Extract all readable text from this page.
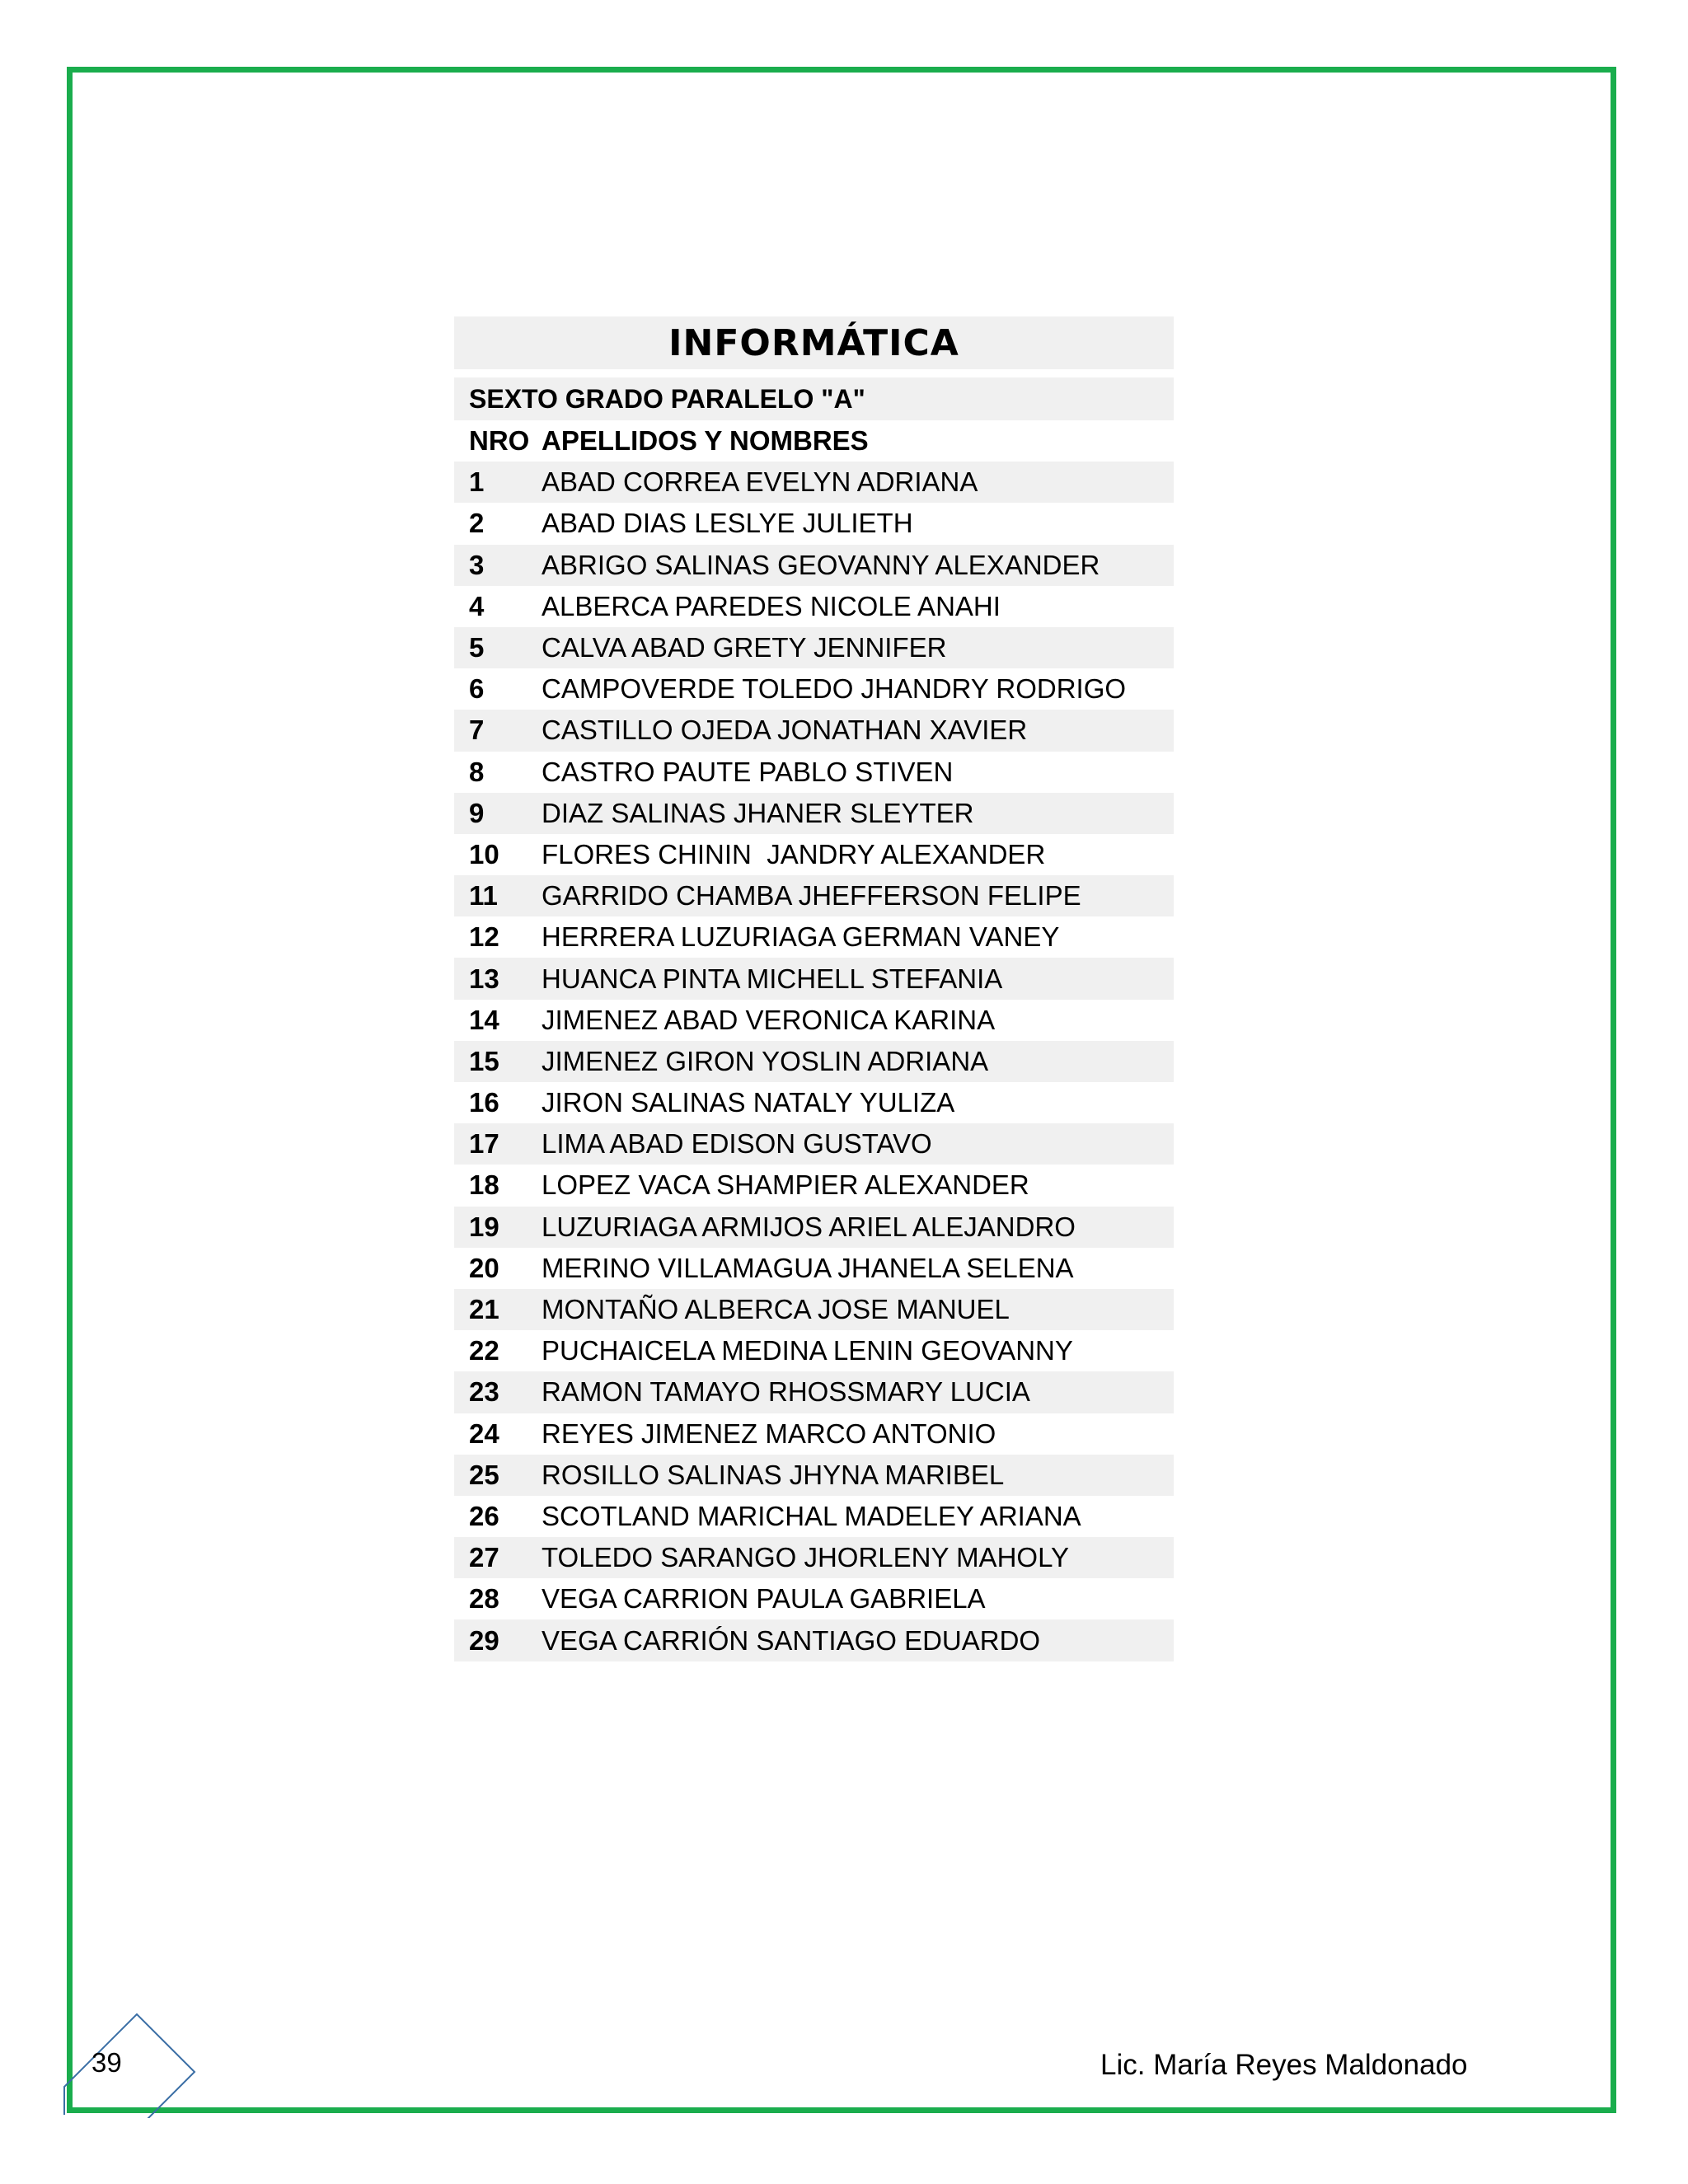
INFORMÁTICA
SEXTO GRADO PARALELO "A"
NRO APELLIDOS Y NOMBRES
1	ABAD CORREA EVELYN ADRIANA
2	ABAD DIAS LESLYE JULIETH
3	ABRIGO SALINAS GEOVANNY ALEXANDER
4	ALBERCA PAREDES NICOLE ANAHI
5	CALVA ABAD GRETY JENNIFER
6	CAMPOVERDE TOLEDO JHANDRY RODRIGO
7	CASTILLO OJEDA JONATHAN XAVIER
8	CASTRO PAUTE PABLO STIVEN
9	DIAZ SALINAS JHANER SLEYTER
10	FLORES CHININ  JANDRY ALEXANDER
11	GARRIDO CHAMBA JHEFFERSON FELIPE
12	HERRERA LUZURIAGA GERMAN VANEY
13	HUANCA PINTA MICHELL STEFANIA
14	JIMENEZ ABAD VERONICA KARINA
15	JIMENEZ GIRON YOSLIN ADRIANA
16	JIRON SALINAS NATALY YULIZA
17	LIMA ABAD EDISON GUSTAVO
18	LOPEZ VACA SHAMPIER ALEXANDER
19	LUZURIAGA ARMIJOS ARIEL ALEJANDRO
20	MERINO VILLAMAGUA JHANELA SELENA
21	MONTAÑO ALBERCA JOSE MANUEL
22	PUCHAICELA MEDINA LENIN GEOVANNY
23	RAMON TAMAYO RHOSSMARY LUCIA
24	REYES JIMENEZ MARCO ANTONIO
25	ROSILLO SALINAS JHYNA MARIBEL
26	SCOTLAND MARICHAL MADELEY ARIANA
27	TOLEDO SARANGO JHORLENY MAHOLY
28	VEGA CARRION PAULA GABRIELA
29	VEGA CARRIÓN SANTIAGO EDUARDO
39	Lic. María Reyes Maldonado
